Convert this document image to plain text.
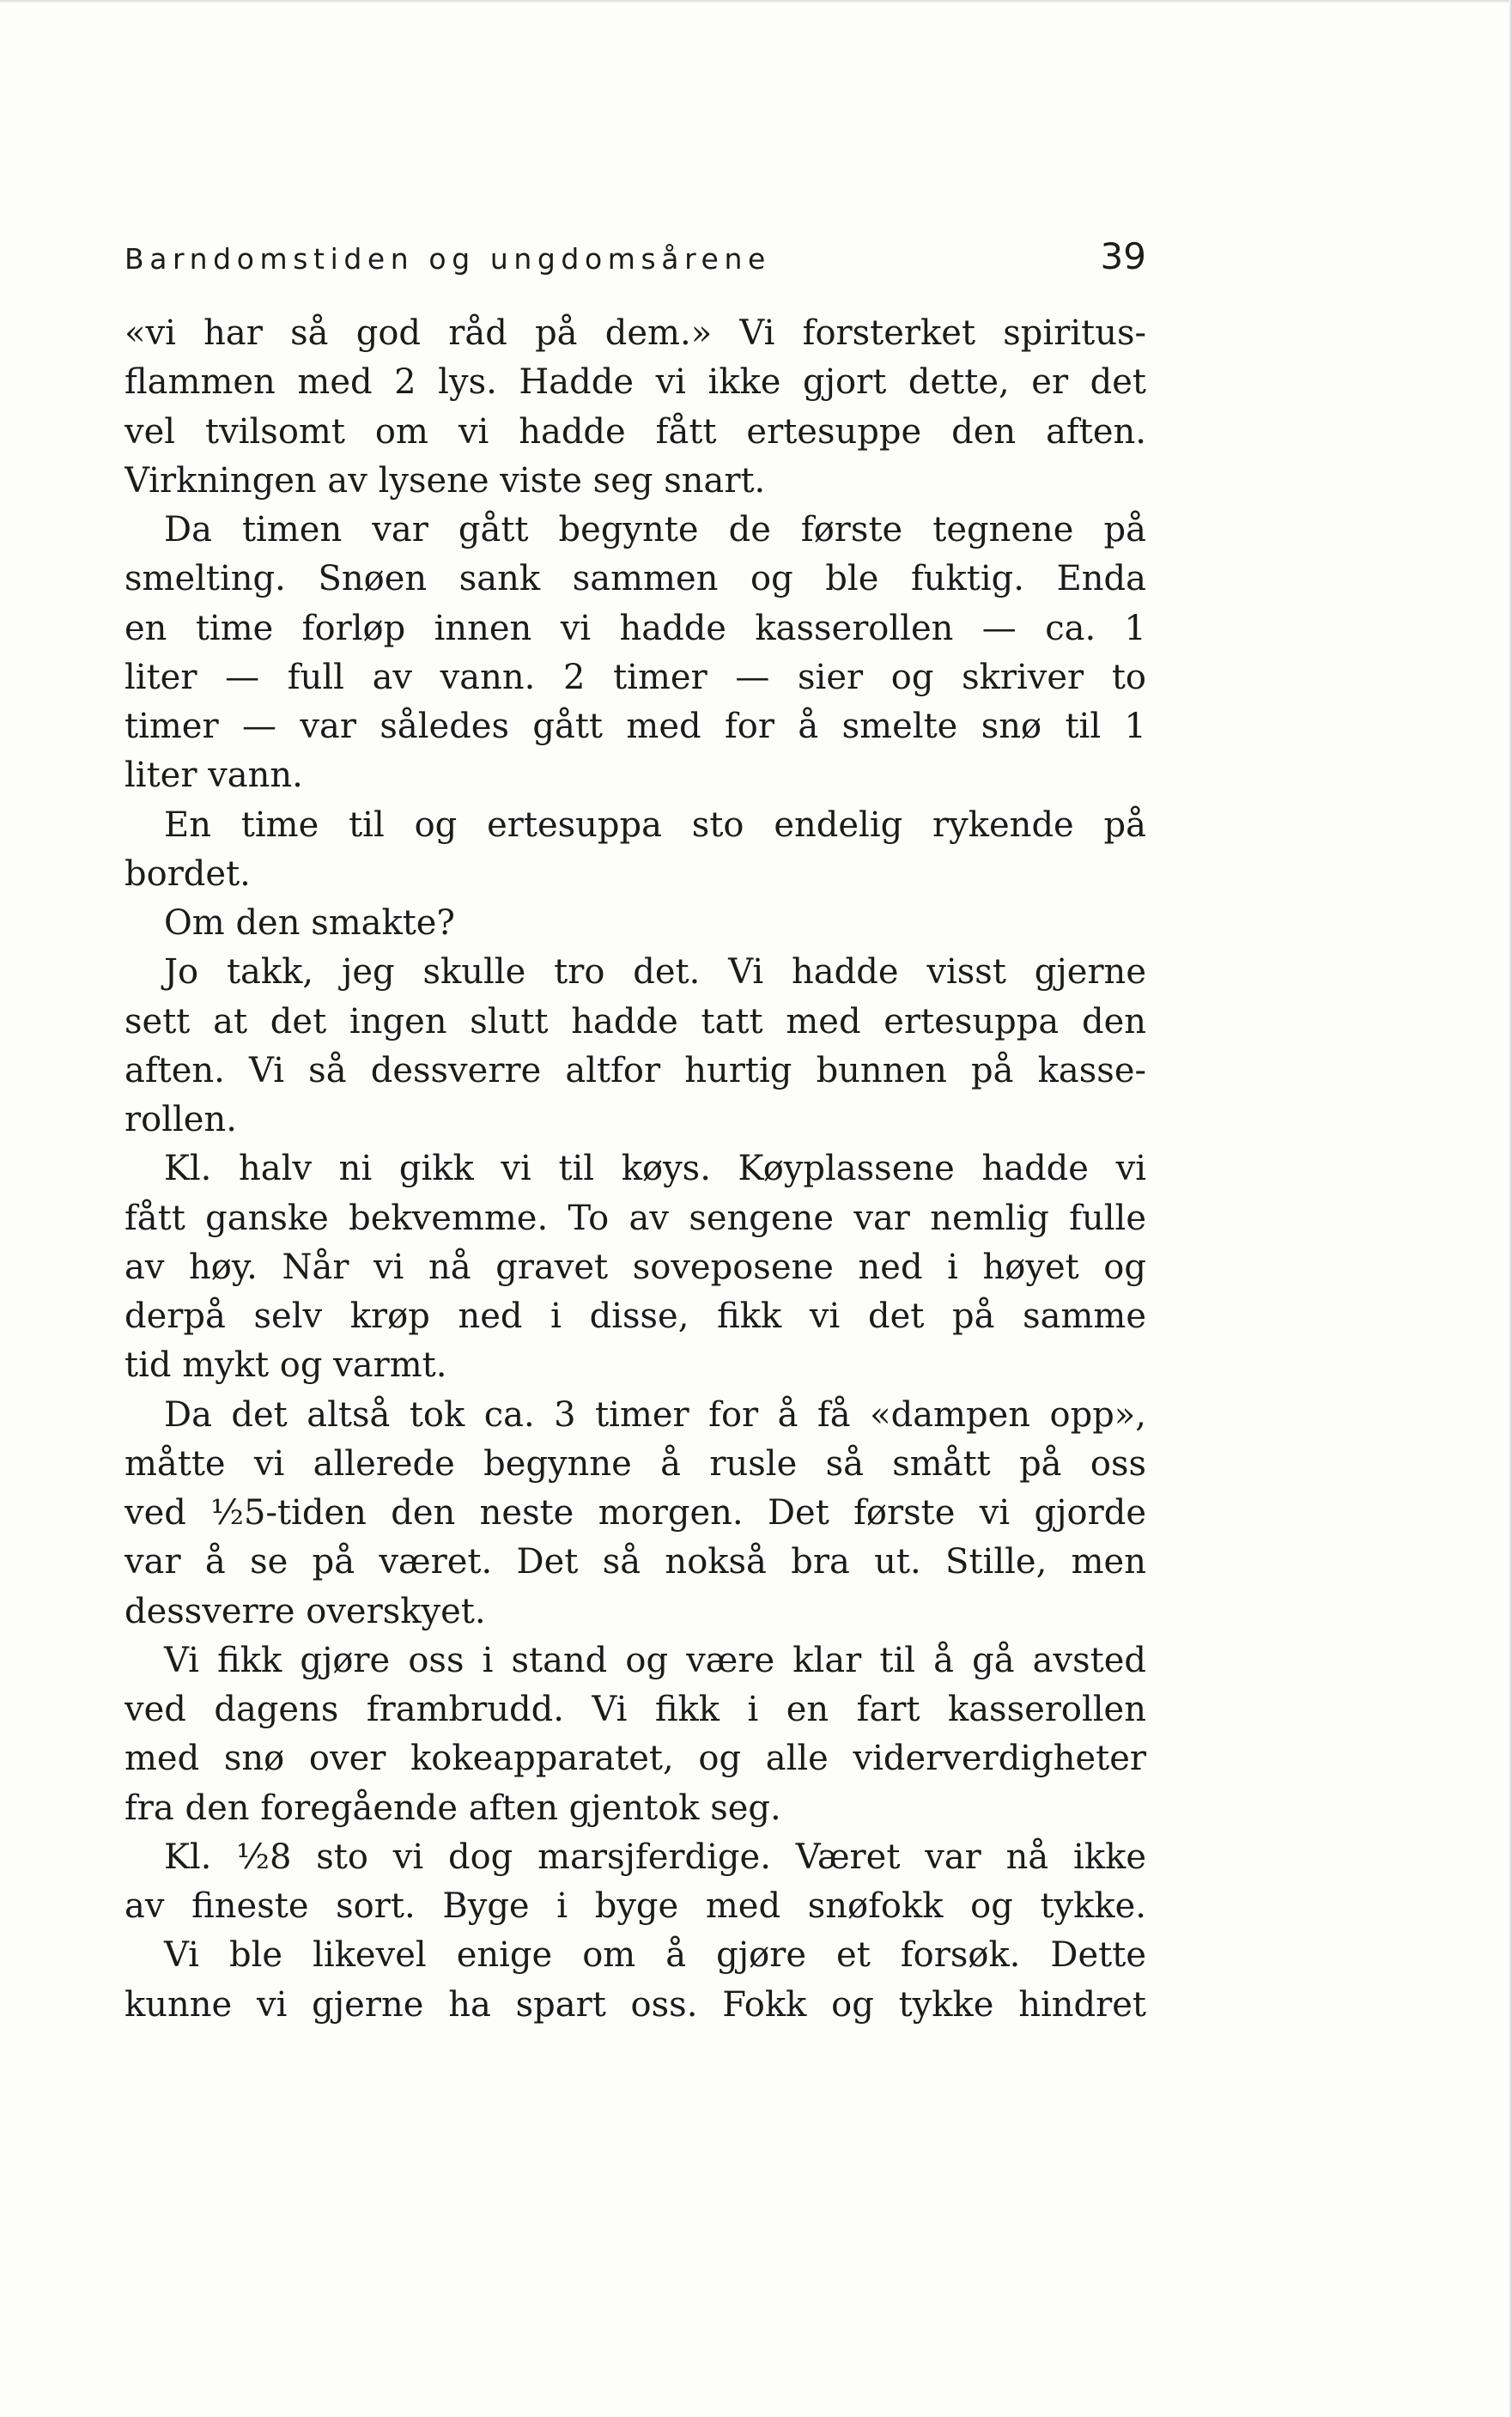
Barndomstiden og ungdomsårene	39
«vi har så god råd på dem.» Vi forsterket spiritus-
flammen med 2 lys. Hadde vi ikke gjort dette, er det
vel tvilsomt om vi hadde fått ertesuppe den aften.
Virkningen av lysene viste seg snart.
Da timen var gått begynte de første tegnene på
smelting. Snøen sank sammen og ble fuktig. Enda
en time forløp innen vi hadde kasserollen — ca. 1
liter — full av vann. 2 timer — sier og skriver to
timer — var således gått med for å smelte snø til 1
liter vann.
En time til og ertesuppa sto endelig rykende på
bordet.
Om den smakte?
Jo takk, jeg skulle tro det. Vi hadde visst gjerne
sett at det ingen slutt hadde tatt med ertesuppa den
aften. Vi så dessverre altfor hurtig bunnen på kasse-
rollen.
Kl. halv ni gikk vi til køys. Køyplassene hadde vi
fått ganske bekvemme. To av sengene var nemlig fulle
av høy. Når vi nå gravet soveposene ned i høyet og
derpå selv krøp ned i disse, fikk vi det på samme
tid mykt og varmt.
Da det altså tok ca. 3 timer for å få «dampen opp»,
måtte vi allerede begynne å rusle så smått på oss
ved ½5-tiden den neste morgen. Det første vi gjorde
var å se på været. Det så nokså bra ut. Stille, men
dessverre overskyet.
Vi fikk gjøre oss i stand og være klar til å gå avsted
ved dagens frambrudd. Vi fikk i en fart kasserollen
med snø over kokeapparatet, og alle viderverdigheter
fra den foregående aften gjentok seg.
Kl. ½8 sto vi dog marsjferdige. Været var nå ikke
av fineste sort. Byge i byge med snøfokk og tykke.
Vi ble likevel enige om å gjøre et forsøk. Dette
kunne vi gjerne ha spart oss. Fokk og tykke hindret
